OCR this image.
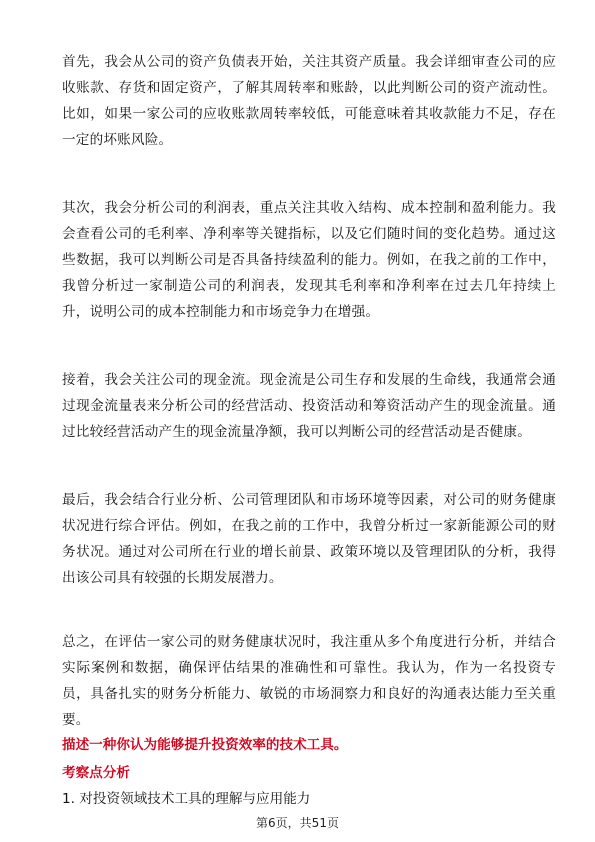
首先，我会从公司的资产负债表开始，关注其资产质量。我会详细审查公司的应收账款、存货和固定资产，了解其周转率和账龄，以此判断公司的资产流动性。比如，如果一家公司的应收账款周转率较低，可能意味着其收款能力不足，存在一定的坏账风险。

其次，我会分析公司的利润表，重点关注其收入结构、成本控制和盈利能力。我会查看公司的毛利率、净利率等关键指标，以及它们随时间的变化趋势。通过这些数据，我可以判断公司是否具备持续盈利的能力。例如，在我之前的工作中，我曾分析过一家制造公司的利润表，发现其毛利率和净利率在过去几年持续上升，说明公司的成本控制能力和市场竞争力在增强。

接着，我会关注公司的现金流。现金流是公司生存和发展的生命线，我通常会通过现金流量表来分析公司的经营活动、投资活动和筹资活动产生的现金流量。通过比较经营活动产生的现金流量净额，我可以判断公司的经营活动是否健康。

最后，我会结合行业分析、公司管理团队和市场环境等因素，对公司的财务健康状况进行综合评估。例如，在我之前的工作中，我曾分析过一家新能源公司的财务状况。通过对公司所在行业的增长前景、政策环境以及管理团队的分析，我得出该公司具有较强的长期发展潜力。

总之，在评估一家公司的财务健康状况时，我注重从多个角度进行分析，并结合实际案例和数据，确保评估结果的准确性和可靠性。我认为，作为一名投资专员，具备扎实的财务分析能力、敏锐的市场洞察力和良好的沟通表达能力至关重要。

描述一种你认为能够提升投资效率的技术工具。

考察点分析

1. 对投资领域技术工具的理解与应用能力

第6页，共51页
